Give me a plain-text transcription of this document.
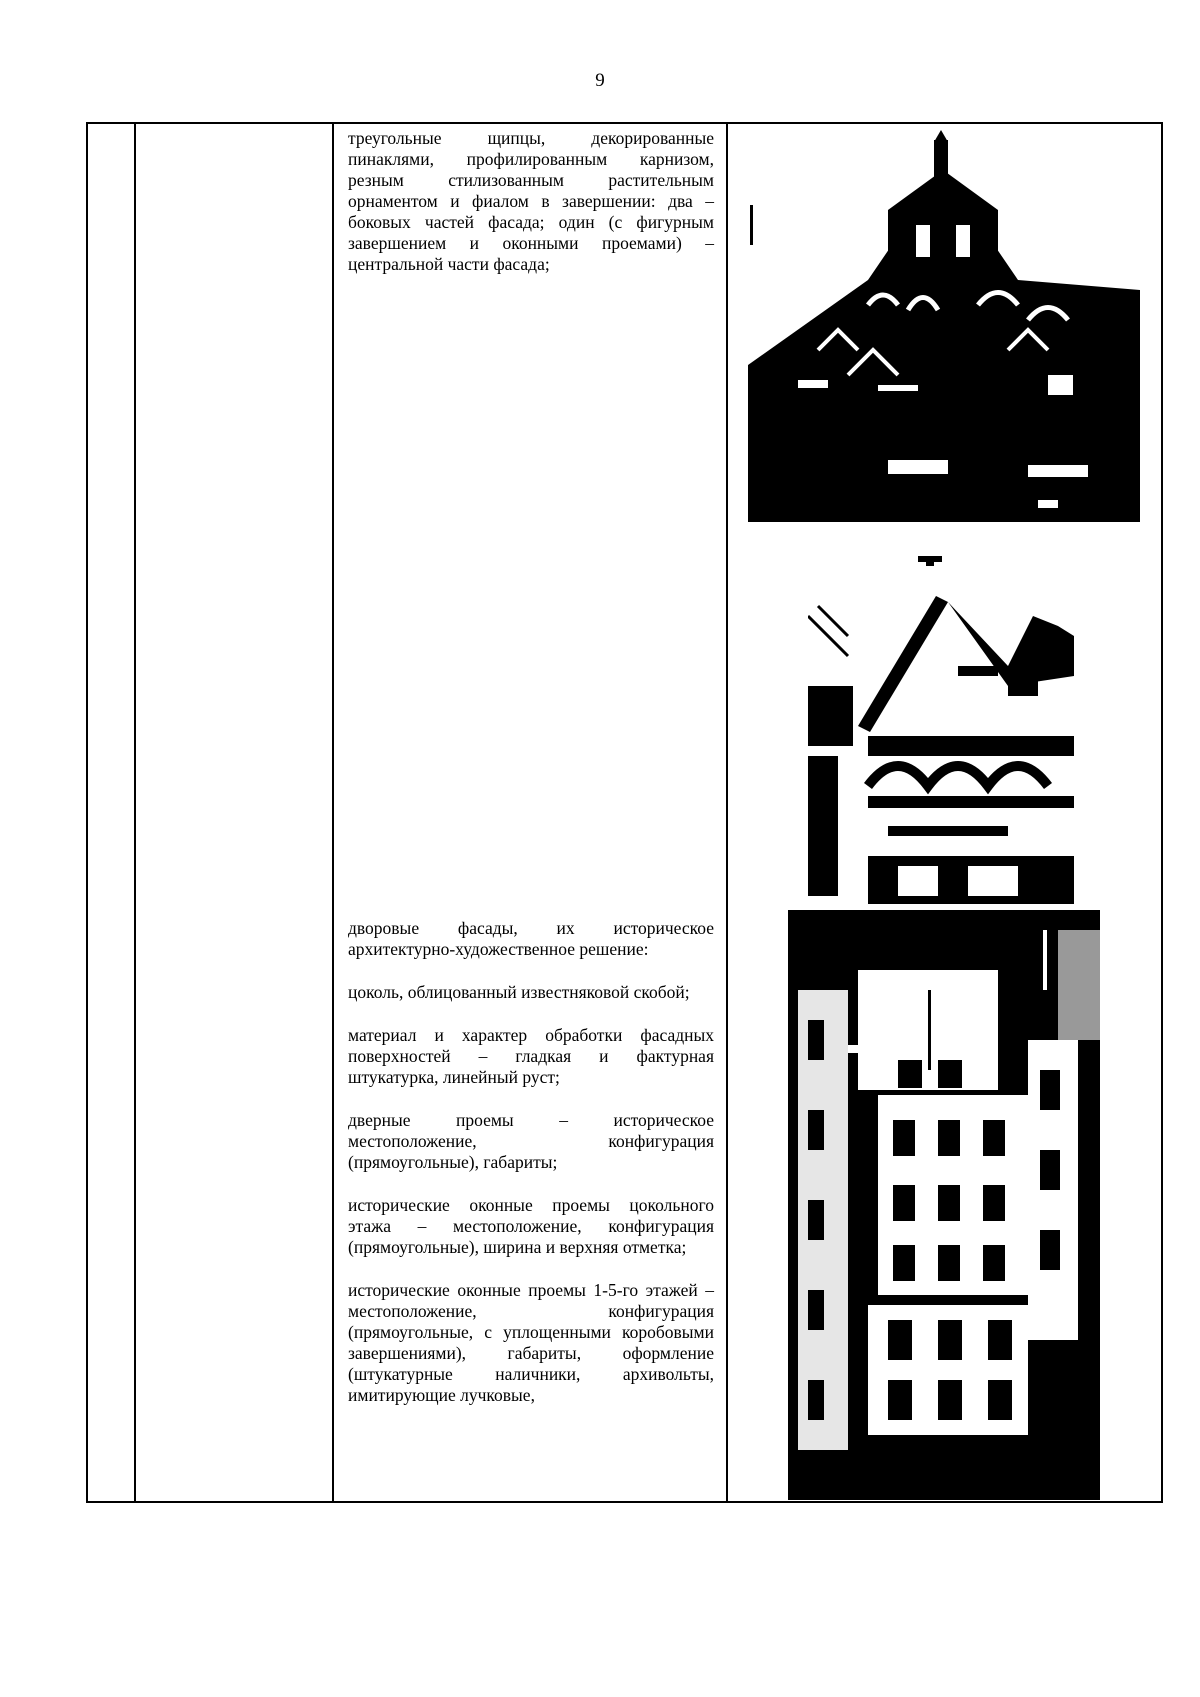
9

треугольные щипцы, декорированные пинаклями, профилированным карнизом, резным стилизованным растительным орнаментом и фиалом в завершении: два – боковых частей фасада; один (с фигурным завершением и оконными проемами) – центральной части фасада;

дворовые фасады, их историческое архитектурно-художественное решение:

цоколь, облицованный известняковой скобой;

материал и характер обработки фасадных поверхностей – гладкая и фактурная штукатурка, линейный руст;

дверные проемы – историческое местоположение, конфигурация (прямоугольные), габариты;

исторические оконные проемы цокольного этажа – местоположение, конфигурация (прямоугольные), ширина и верхняя отметка;

исторические оконные проемы 1-5-го этажей – местоположение, конфигурация (прямоугольные, с уплощенными коробовыми завершениями), габариты, оформление (штукатурные наличники, архивольты, имитирующие лучковые,
